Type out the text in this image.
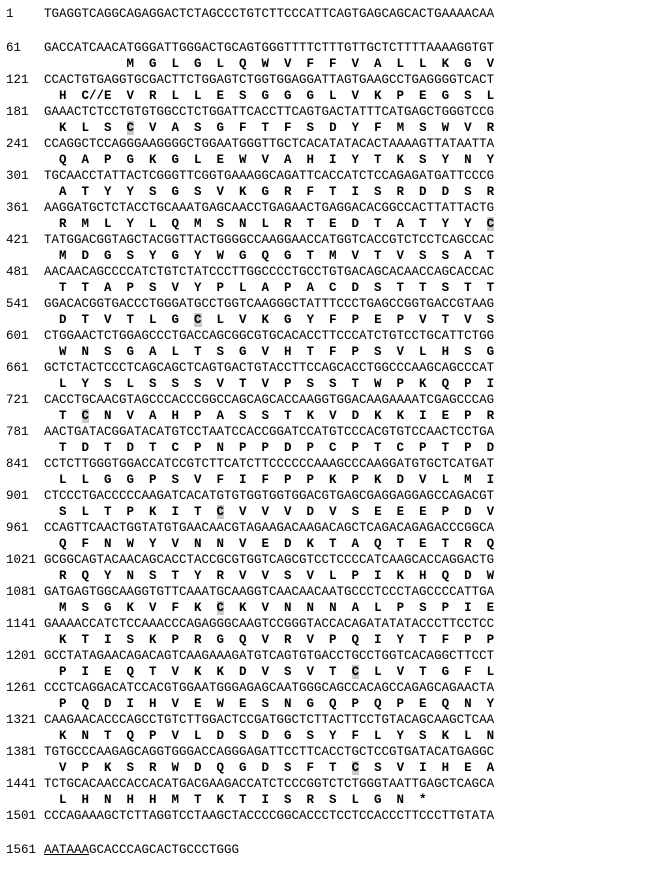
1 TGAGGTCAGGCAGAGGACTCTAGCCCTGTCTTCCCATTCAGTGAGCAGCACTGAAAACAA
61 GACCATCAACATGGGATTGGGACTGCAGTGGGTTTTCTTTGTTGCTCTTTTAAAAGGTGT
M  G  L  G  L  Q  W  V  F  F  V  A  L  L  K  G  V
121 CCACTGTGAGGTGCGACTTCTGGAGTCTGGTGGAGGATTAGTGAAGCCTGAGGGGTCACT
H  C//E  V  R  L  L  E  S  G  G  G  L  V  K  P  E  G  S  L
181 GAAACTCTCCTGTGTGGCCTCTGGATTCACCTTCAGTGACTATTTCATGAGCTGGGTCCG
K  L  S  C  V  A  S  G  F  T  F  S  D  Y  F  M  S  W  V  R
241 CCAGGCTCCAGGGAAGGGGCTGGAATGGGTTGCTCACATATACACTAAAAGTTATAATTA
Q  A  P  G  K  G  L  E  W  V  A  H  I  Y  T  K  S  Y  N  Y
301 TGCAACCTATTACTCGGGTTCGGTGAAAGGCAGATTCACCATCTCCAGAGATGATTCCCG
A  T  Y  Y  S  G  S  V  K  G  R  F  T  I  S  R  D  D  S  R
361 AAGGATGCTCTACCTGCAAATGAGCAACCTGAGAACTGAGGACACGGCCACTTATTACTG
R  M  L  Y  L  Q  M  S  N  L  R  T  E  D  T  A  T  Y  Y  C
421 TATGGACGGTAGCTACGGTTACTGGGGCCAAGGAACCATGGTCACCGTCTCCTCAGCCAC
M  D  G  S  Y  G  Y  W  G  Q  G  T  M  V  T  V  S  S  A  T
481 AACAACAGCCCCATCTGTCTATCCCTTGGCCCCTGCCTGTGACAGCACAACCAGCACCAC
T  T  A  P  S  V  Y  P  L  A  P  A  C  D  S  T  T  S  T  T
541 GGACACGGTGACCCTGGGATGCCTGGTCAAGGGCTATTTCCCTGAGCCGGTGACCGTAAG
D  T  V  T  L  G  C  L  V  K  G  Y  F  P  E  P  V  T  V  S
601 CTGGAACTCTGGAGCCCTGACCAGCGGCGTGCACACCTTCCCATCTGTCCTGCATTCTGG
W  N  S  G  A  L  T  S  G  V  H  T  F  P  S  V  L  H  S  G
661 GCTCTACTCCCTCAGCAGCTCAGTGACTGTACCTTCCAGCACCTGGCCCAAGCAGCCCAT
L  Y  S  L  S  S  S  V  T  V  P  S  S  T  W  P  K  Q  P  I
721 CACCTGCAACGTAGCCCACCCGGCCAGCAGCACCAAGGTGGACAAGAAAATCGAGCCCAG
T  C  N  V  A  H  P  A  S  S  T  K  V  D  K  K  I  E  P  R
781 AACTGATACGGATACATGTCCTAATCCACCGGATCCATGTCCCACGTGTCCAACTCCTGA
T  D  T  D  T  C  P  N  P  P  D  P  C  P  T  C  P  T  P  D
841 CCTCTTGGGTGGACCATCCGTCTTCATCTTCCCCCCAAAGCCCAAGGATGTGCTCATGAT
L  L  G  G  P  S  V  F  I  F  P  P  K  P  K  D  V  L  M  I
901 CTCCCTGACCCCCAAGATCACATGTGTGGTGGTGGACGTGAGCGAGGAGGAGCCAGACGT
S  L  T  P  K  I  T  C  V  V  V  D  V  S  E  E  E  P  D  V
961 CCAGTTCAACTGGTATGTGAACAACGTAGAAGACAAGACAGCTCAGACAGAGACCCGGCA
Q  F  N  W  Y  V  N  N  V  E  D  K  T  A  Q  T  E  T  R  Q
1021 GCGGCAGTACAACAGCACCTACCGCGTGGTCAGCGTCCTCCCCATCAAGCACCAGGACTG
R  Q  Y  N  S  T  Y  R  V  V  S  V  L  P  I  K  H  Q  D  W
1081 GATGAGTGGCAAGGTGTTCAAATGCAAGGTCAACAACAATGCCCTCCCTAGCCCCATTGA
M  S  G  K  V  F  K  C  K  V  N  N  N  A  L  P  S  P  I  E
1141 GAAAACCATCTCCAAACCCAGAGGGCAAGTCCGGGTACCACAGATATATACCCTTCCTCC
K  T  I  S  K  P  R  G  Q  V  R  V  P  Q  I  Y  T  F  P  P
1201 GCCTATAGAACAGACAGTCAAGAAAGATGTCAGTGTGACCTGCCTGGTCACAGGCTTCCT
P  I  E  Q  T  V  K  K  D  V  S  V  T  C  L  V  T  G  F  L
1261 CCCTCAGGACATCCACGTGGAATGGGAGAGCAATGGGCAGCCACAGCCAGAGCAGAACTA
P  Q  D  I  H  V  E  W  E  S  N  G  Q  P  Q  P  E  Q  N  Y
1321 CAAGAACACCCAGCCTGTCTTGGACTCCGATGGCTCTTACTTCCTGTACAGCAAGCTCAA
K  N  T  Q  P  V  L  D  S  D  G  S  Y  F  L  Y  S  K  L  N
1381 TGTGCCCAAGAGCAGGTGGGACCAGGGAGATTCCTTCACCTGCTCCGTGATACATGAGGC
V  P  K  S  R  W  D  Q  G  D  S  F  T  C  S  V  I  H  E  A
1441 TCTGCACAACCACCACATGACGAAGACCATCTCCCGGTCTCTGGGTAATTGAGCTCAGCA
L  H  N  H  H  M  T  K  T  I  S  R  S  L  G  N  *
1501 CCCAGAAAGCTCTTAGGTCCTAAGCTACCCCGGCACCCTCCTCCACCCTTCCCTTGTATA
1561 AATAAAGCACCCAGCACTGCCCTGGG
